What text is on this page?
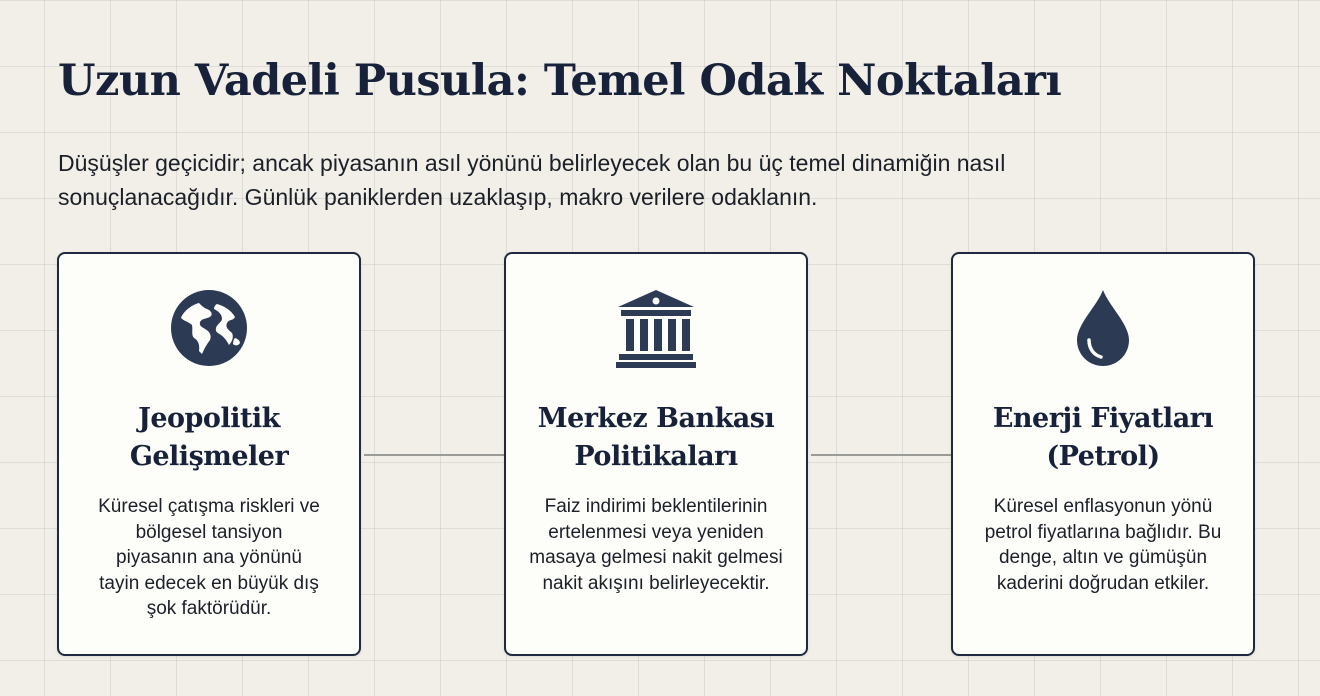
Uzun Vadeli Pusula: Temel Odak Noktaları

Düşüşler geçicidir; ancak piyasanın asıl yönünü belirleyecek olan bu üç temel dinamiğin nasıl sonuçlanacağıdır. Günlük paniklerden uzaklaşıp, makro verilere odaklanın.

Jeopolitik Gelişmeler

Küresel çatışma riskleri ve bölgesel tansiyon piyasanın ana yönünü tayin edecek en büyük dış şok faktörüdür.

Merkez Bankası Politikaları

Faiz indirimi beklentilerinin ertelenmesi veya yeniden masaya gelmesi nakit gelmesi nakit akışını belirleyecektir.

Enerji Fiyatları (Petrol)

Küresel enflasyonun yönü petrol fiyatlarına bağlıdır. Bu denge, altın ve gümüşün kaderini doğrudan etkiler.
